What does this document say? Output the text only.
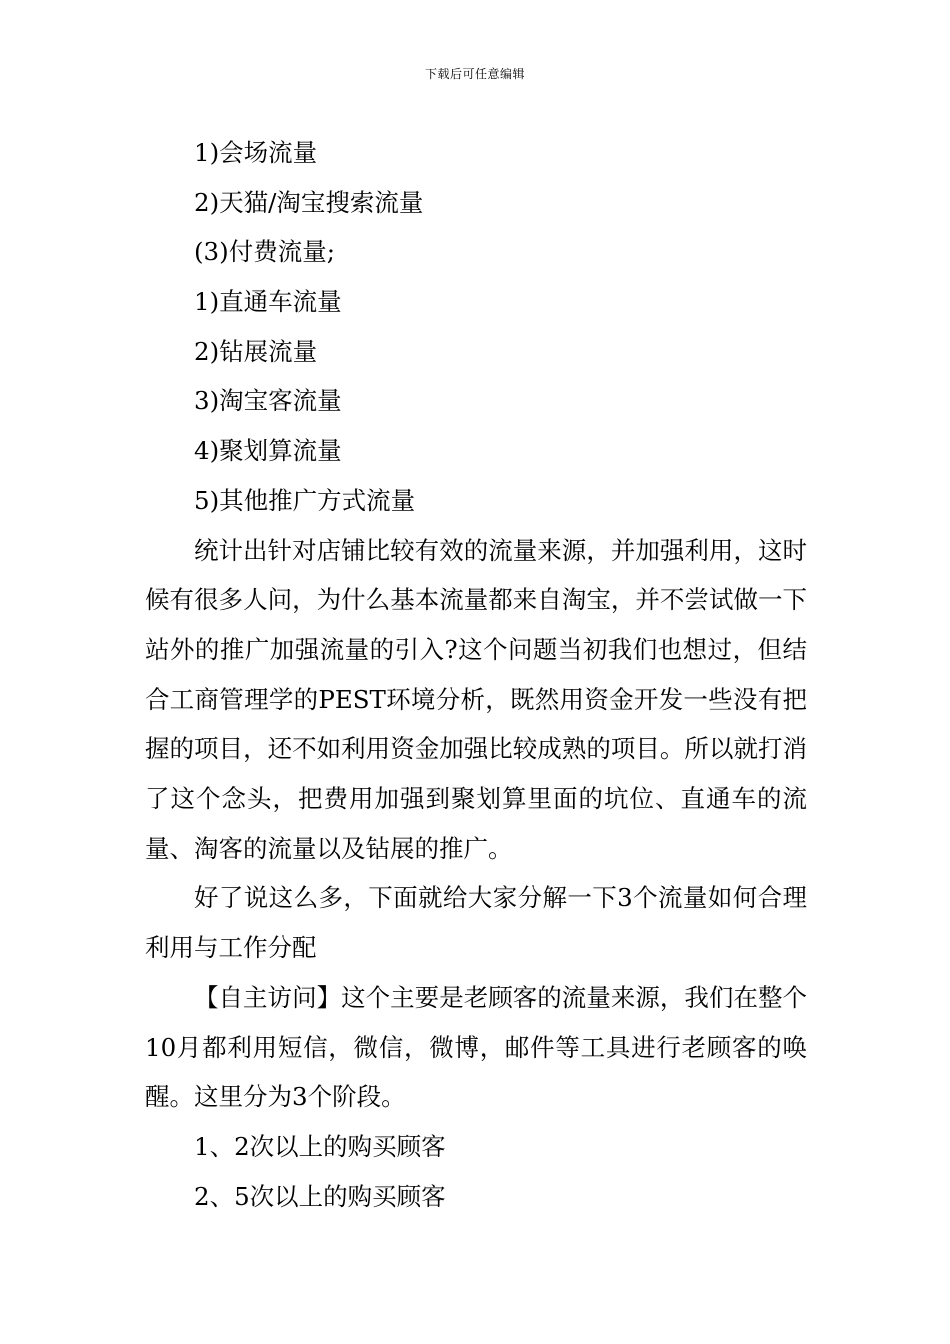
下载后可任意编辑
1)会场流量
2)天猫/淘宝搜索流量
(3)付费流量;
1)直通车流量
2)钻展流量
3)淘宝客流量
4)聚划算流量
5)其他推广方式流量

统计出针对店铺比较有效的流量来源，并加强利用，这时候有很多人问，为什么基本流量都来自淘宝，并不尝试做一下站外的推广加强流量的引入?这个问题当初我们也想过，但结合工商管理学的PEST环境分析，既然用资金开发一些没有把握的项目，还不如利用资金加强比较成熟的项目。所以就打消了这个念头，把费用加强到聚划算里面的坑位、直通车的流量、淘客的流量以及钻展的推广。

好了说这么多，下面就给大家分解一下3个流量如何合理利用与工作分配

【自主访问】这个主要是老顾客的流量来源，我们在整个10月都利用短信，微信，微博，邮件等工具进行老顾客的唤醒。这里分为3个阶段。

1、2次以上的购买顾客
2、5次以上的购买顾客
